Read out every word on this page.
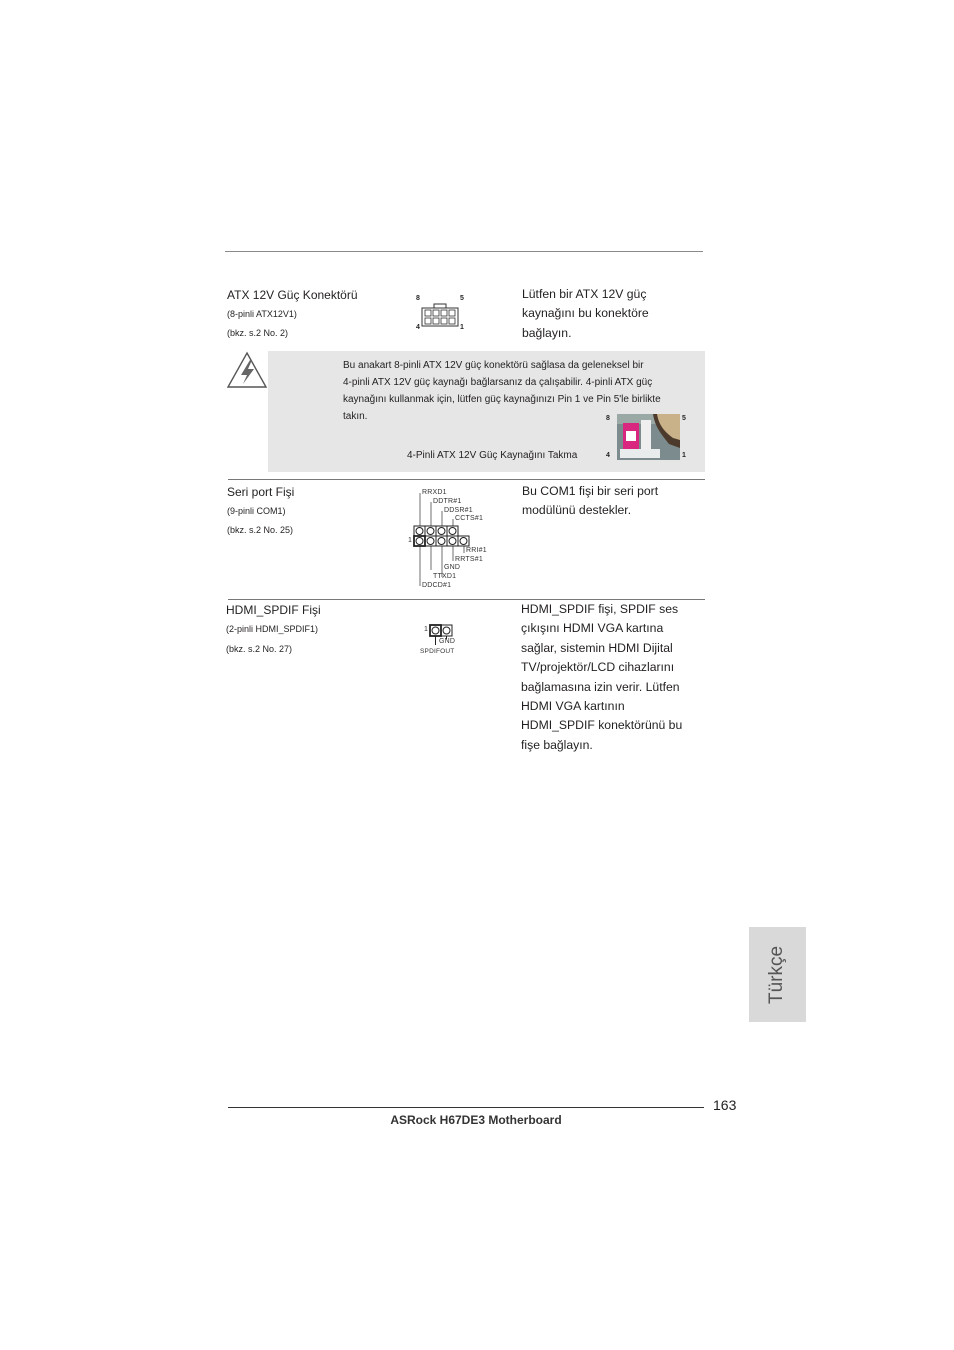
ATX 12V Güç Konektörü
(8-pinli ATX12V1)
(bkz. s.2 No. 2)
8	5
4	1
Lütfen bir ATX 12V güç
kaynağını bu konektöre
bağlayın.
Bu anakart 8-pinli ATX 12V güç konektörü sağlasa da geleneksel bir
4-pinli ATX 12V güç kaynağı bağlarsanız da çalışabilir. 4-pinli ATX güç
kaynağını kullanmak için, lütfen güç kaynağınızı Pin 1 ve Pin 5'le birlikte
takın.
4-Pinli ATX 12V Güç Kaynağını Takma
8	5
4	1
Seri port Fişi
(9-pinli COM1)
(bkz. s.2 No. 25)
RRXD1
DDTR#1
DDSR#1
CCTS#1
1
RRI#1
RRTS#1
GND
TTXD1
DDCD#1
Bu COM1 fişi bir seri port
modülünü destekler.
HDMI_SPDIF Fişi
(2-pinli HDMI_SPDIF1)
(bkz. s.2 No. 27)
1
GND
SPDIFOUT
HDMI_SPDIF fişi, SPDIF ses
çıkışını HDMI VGA kartına
sağlar, sistemin HDMI Dijital
TV/projektör/LCD cihazlarını
bağlamasına izin verir. Lütfen
HDMI VGA kartının
HDMI_SPDIF konektörünü bu
fişe bağlayın.
Türkçe
163
ASRock H67DE3 Motherboard
